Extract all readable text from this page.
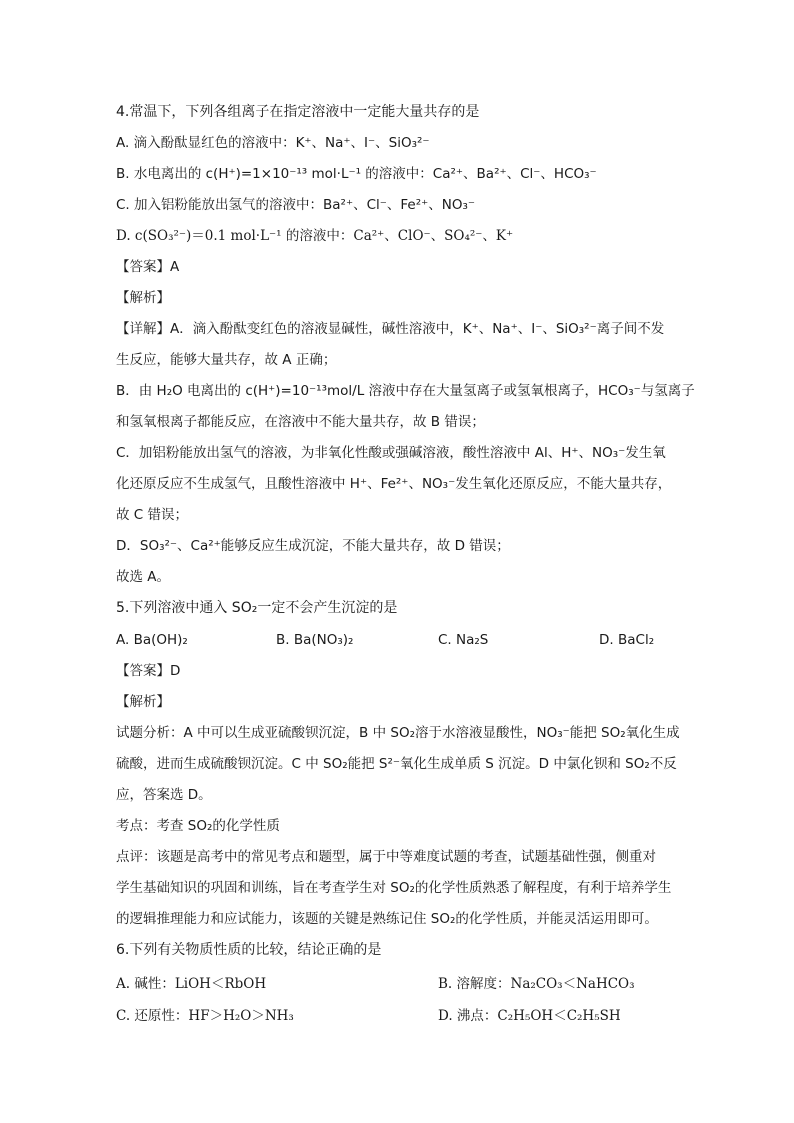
4.常温下，下列各组离子在指定溶液中一定能大量共存的是
A. 滴入酚酞显红色的溶液中：K⁺、Na⁺、I⁻、SiO₃²⁻
B. 水电离出的 c(H⁺)=1×10⁻¹³ mol·L⁻¹ 的溶液中：Ca²⁺、Ba²⁺、Cl⁻、HCO₃⁻
C. 加入铝粉能放出氢气的溶液中：Ba²⁺、Cl⁻、Fe²⁺、NO₃⁻
D. c(SO₃²⁻)＝0.1 mol·L⁻¹ 的溶液中：Ca²⁺、ClO⁻、SO₄²⁻、K⁺
【答案】A
【解析】
【详解】A．滴入酚酞变红色的溶液显碱性，碱性溶液中，K⁺、Na⁺、I⁻、SiO₃²⁻离子间不发
生反应，能够大量共存，故 A 正确；
B．由 H₂O 电离出的 c(H⁺)=10⁻¹³mol/L 溶液中存在大量氢离子或氢氧根离子，HCO₃⁻与氢离子
和氢氧根离子都能反应，在溶液中不能大量共存，故 B 错误；
C．加铝粉能放出氢气的溶液，为非氧化性酸或强碱溶液，酸性溶液中 Al、H⁺、NO₃⁻发生氧
化还原反应不生成氢气，且酸性溶液中 H⁺、Fe²⁺、NO₃⁻发生氧化还原反应，不能大量共存，
故 C 错误；
D．SO₃²⁻、Ca²⁺能够反应生成沉淀，不能大量共存，故 D 错误；
故选 A。
5.下列溶液中通入 SO₂一定不会产生沉淀的是
A. Ba(OH)₂	B. Ba(NO₃)₂	C. Na₂S	D. BaCl₂
【答案】D
【解析】
试题分析：A 中可以生成亚硫酸钡沉淀，B 中 SO₂溶于水溶液显酸性，NO₃⁻能把 SO₂氧化生成
硫酸，进而生成硫酸钡沉淀。C 中 SO₂能把 S²⁻氧化生成单质 S 沉淀。D 中氯化钡和 SO₂不反
应，答案选 D。
考点：考查 SO₂的化学性质
点评：该题是高考中的常见考点和题型，属于中等难度试题的考查，试题基础性强，侧重对
学生基础知识的巩固和训练，旨在考查学生对 SO₂的化学性质熟悉了解程度，有利于培养学生
的逻辑推理能力和应试能力，该题的关键是熟练记住 SO₂的化学性质，并能灵活运用即可。
6.下列有关物质性质的比较，结论正确的是
A. 碱性：LiOH＜RbOH	B. 溶解度：Na₂CO₃＜NaHCO₃
C. 还原性：HF＞H₂O＞NH₃	D. 沸点：C₂H₅OH＜C₂H₅SH
